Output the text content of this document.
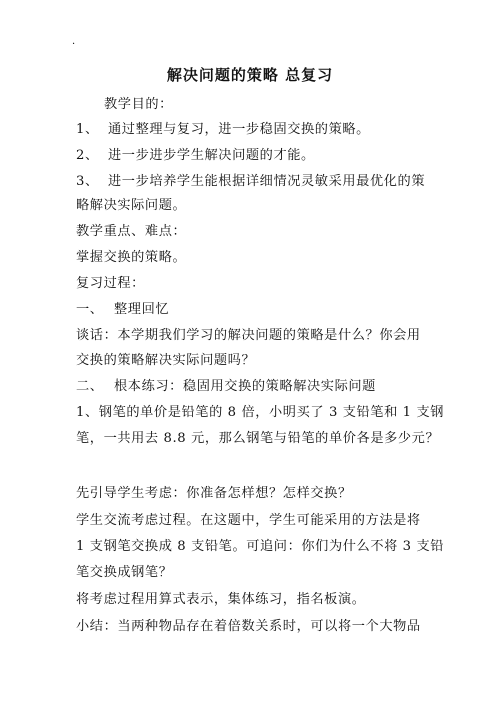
·
解决问题的策略 总复习
教学目的：
1、 通过整理与复习，进一步稳固交换的策略。
2、 进一步进步学生解决问题的才能。
3、 进一步培养学生能根据详细情况灵敏采用最优化的策
略解决实际问题。
教学重点、难点：
掌握交换的策略。
复习过程：
一、 整理回忆
谈话：本学期我们学习的解决问题的策略是什么？你会用
交换的策略解决实际问题吗？
二、 根本练习：稳固用交换的策略解决实际问题
1、钢笔的单价是铅笔的 8 倍，小明买了 3 支铅笔和 1 支钢
笔，一共用去 8.8 元，那么钢笔与铅笔的单价各是多少元？
先引导学生考虑：你准备怎样想？怎样交换？
学生交流考虑过程。在这题中，学生可能采用的方法是将
1 支钢笔交换成 8 支铅笔。可追问：你们为什么不将 3 支铅
笔交换成钢笔？
将考虑过程用算式表示，集体练习，指名板演。
小结：当两种物品存在着倍数关系时，可以将一个大物品
